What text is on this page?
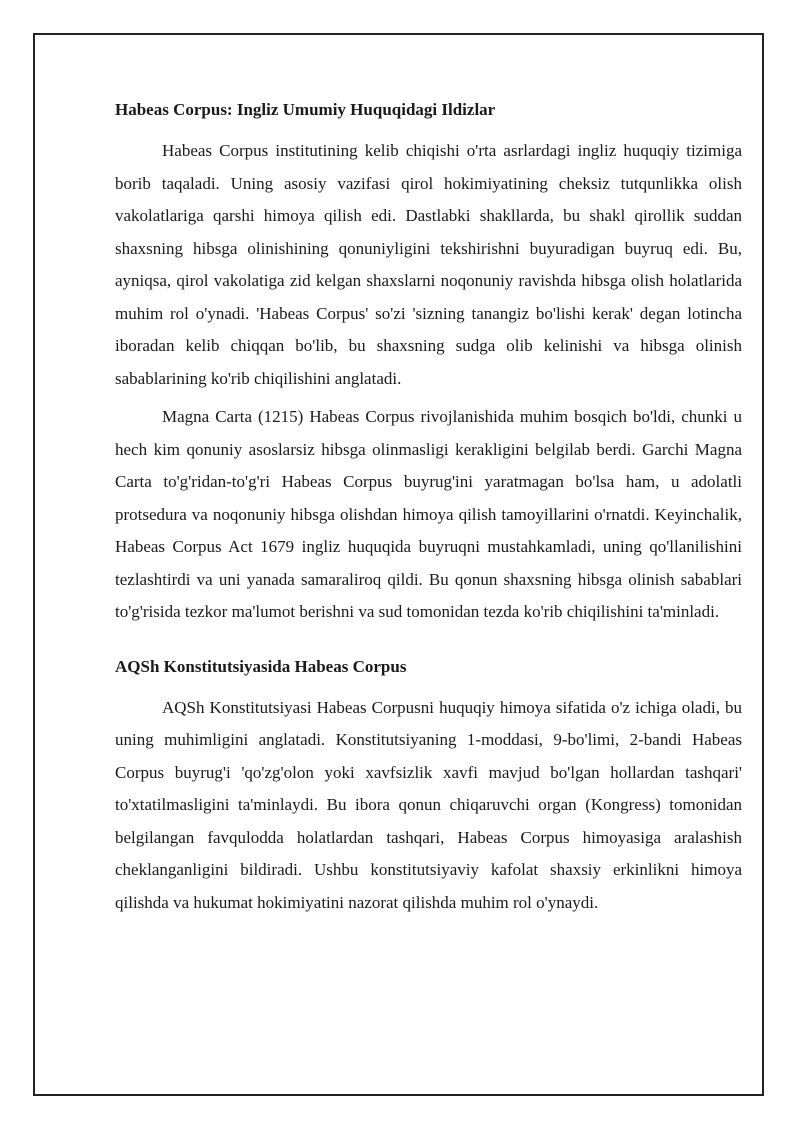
Habeas Corpus: Ingliz Umumiy Huquqidagi Ildizlar

Habeas Corpus institutining kelib chiqishi o'rta asrlardagi ingliz huquqiy tizimiga borib taqaladi. Uning asosiy vazifasi qirol hokimiyatining cheksiz tutqunlikka olish vakolatlariga qarshi himoya qilish edi. Dastlabki shakllarda, bu shakl qirollik suddan shaxsning hibsga olinishining qonuniyligini tekshirishni buyuradigan buyruq edi. Bu, ayniqsa, qirol vakolatiga zid kelgan shaxslarni noqonuniy ravishda hibsga olish holatlarida muhim rol o'ynadi. 'Habeas Corpus' so'zi 'sizning tanangiz bo'lishi kerak' degan lotincha iboradan kelib chiqqan bo'lib, bu shaxsning sudga olib kelinishi va hibsga olinish sabablarining ko'rib chiqilishini anglatadi.

Magna Carta (1215) Habeas Corpus rivojlanishida muhim bosqich bo'ldi, chunki u hech kim qonuniy asoslarsiz hibsga olinmasligi kerakligini belgilab berdi. Garchi Magna Carta to'g'ridan-to'g'ri Habeas Corpus buyrug'ini yaratmagan bo'lsa ham, u adolatli protsedura va noqonuniy hibsga olishdan himoya qilish tamoyillarini o'rnatdi. Keyinchalik, Habeas Corpus Act 1679 ingliz huquqida buyruqni mustahkamladi, uning qo'llanilishini tezlashtirdi va uni yanada samaraliroq qildi. Bu qonun shaxsning hibsga olinish sabablari to'g'risida tezkor ma'lumot berishni va sud tomonidan tezda ko'rib chiqilishini ta'minladi.

AQSh Konstitutsiyasida Habeas Corpus

AQSh Konstitutsiyasi Habeas Corpusni huquqiy himoya sifatida o'z ichiga oladi, bu uning muhimligini anglatadi. Konstitutsiyaning 1-moddasi, 9-bo'limi, 2-bandi Habeas Corpus buyrug'i 'qo'zg'olon yoki xavfsizlik xavfi mavjud bo'lgan hollardan tashqari' to'xtatilmasligini ta'minlaydi. Bu ibora qonun chiqaruvchi organ (Kongress) tomonidan belgilangan favqulodda holatlardan tashqari, Habeas Corpus himoyasiga aralashish cheklanganligini bildiradi. Ushbu konstitutsiyaviy kafolat shaxsiy erkinlikni himoya qilishda va hukumat hokimiyatini nazorat qilishda muhim rol o'ynaydi.
